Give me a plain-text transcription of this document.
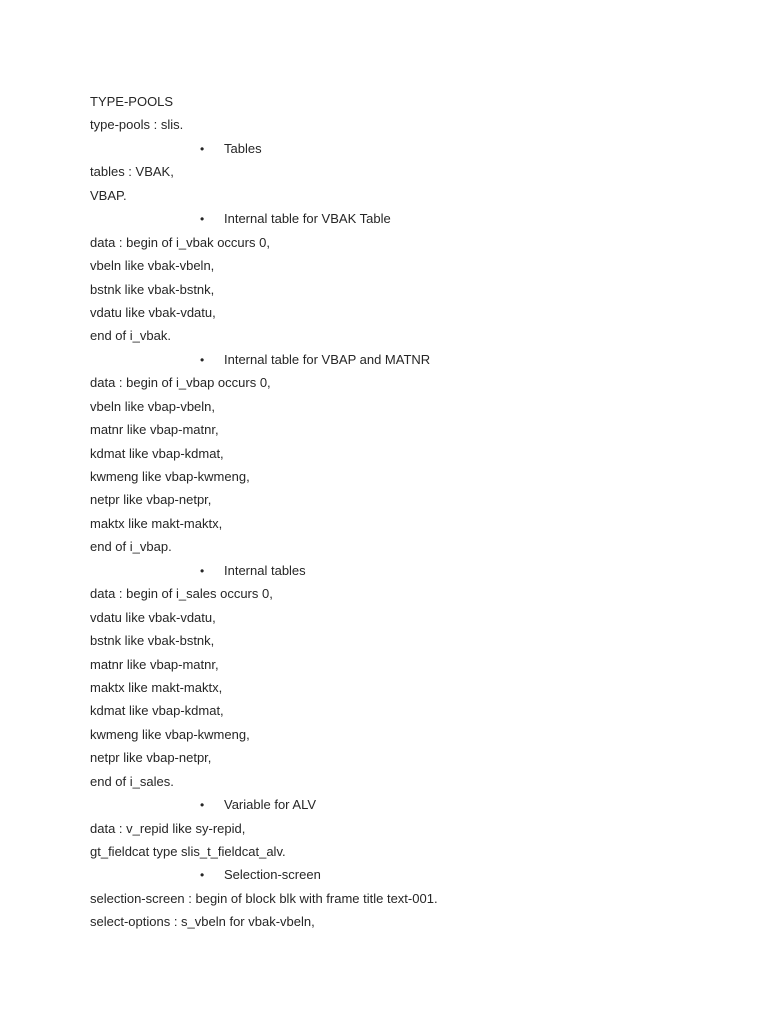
TYPE-POOLS
type-pools : slis.
• Tables
tables : VBAK,
VBAP.
• Internal table for VBAK Table
data : begin of i_vbak occurs 0,
vbeln like vbak-vbeln,
bstnk like vbak-bstnk,
vdatu like vbak-vdatu,
end of i_vbak.
• Internal table for VBAP and MATNR
data : begin of i_vbap occurs 0,
vbeln like vbap-vbeln,
matnr like vbap-matnr,
kdmat like vbap-kdmat,
kwmeng like vbap-kwmeng,
netpr like vbap-netpr,
maktx like makt-maktx,
end of i_vbap.
• Internal tables
data : begin of i_sales occurs 0,
vdatu like vbak-vdatu,
bstnk like vbak-bstnk,
matnr like vbap-matnr,
maktx like makt-maktx,
kdmat like vbap-kdmat,
kwmeng like vbap-kwmeng,
netpr like vbap-netpr,
end of i_sales.
• Variable for ALV
data : v_repid like sy-repid,
gt_fieldcat type slis_t_fieldcat_alv.
• Selection-screen
selection-screen : begin of block blk with frame title text-001.
select-options : s_vbeln for vbak-vbeln,
